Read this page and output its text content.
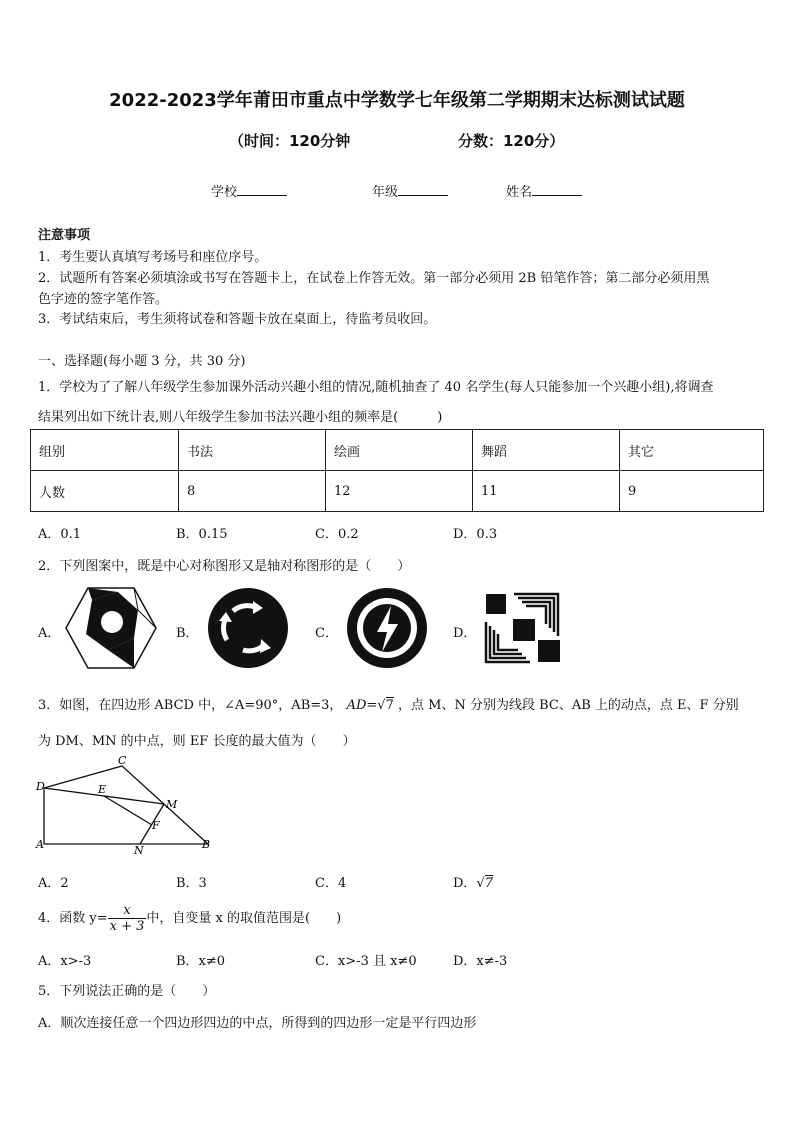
2022-2023学年莆田市重点中学数学七年级第二学期期末达标测试试题
（时间：120分钟	分数：120分）
学校	年级	姓名
注意事项
1．考生要认真填写考场号和座位序号。
2．试题所有答案必须填涂或书写在答题卡上，在试卷上作答无效。第一部分必须用 2B 铅笔作答；第二部分必须用黑
色字迹的签字笔作答。
3．考试结束后，考生须将试卷和答题卡放在桌面上，待监考员收回。
一、选择题(每小题 3 分，共 30 分)
1．学校为了了解八年级学生参加课外活动兴趣小组的情况,随机抽查了 40 名学生(每人只能参加一个兴趣小组),将调查
结果列出如下统计表,则八年级学生参加书法兴趣小组的频率是(　　　)
组别	书法	绘画	舞蹈	其它
人数	8	12	11	9
A．0.1	B．0.15	C．0.2	D．0.3
2．下列图案中，既是中心对称图形又是轴对称图形的是（　　）
A．	B．	C．	D．
3．如图，在四边形 ABCD 中，∠A=90°，AB=3， AD=√7 ，点 M、N 分别为线段 BC、AB 上的动点，点 E、F 分别
为 DM、MN 的中点，则 EF 长度的最大值为（　　）
C
D	E
M
F
A	N	B
A．2	B．3	C．4	D．√7
4．函数 $y= \frac{x}{x + 3}$ 中，自变量 x 的取值范围是(　　)
A．x>-3	B．x≠0	C．x>-3 且 x≠0	D．x≠-3
5．下列说法正确的是（　　）
A．顺次连接任意一个四边形四边的中点，所得到的四边形一定是平行四边形
